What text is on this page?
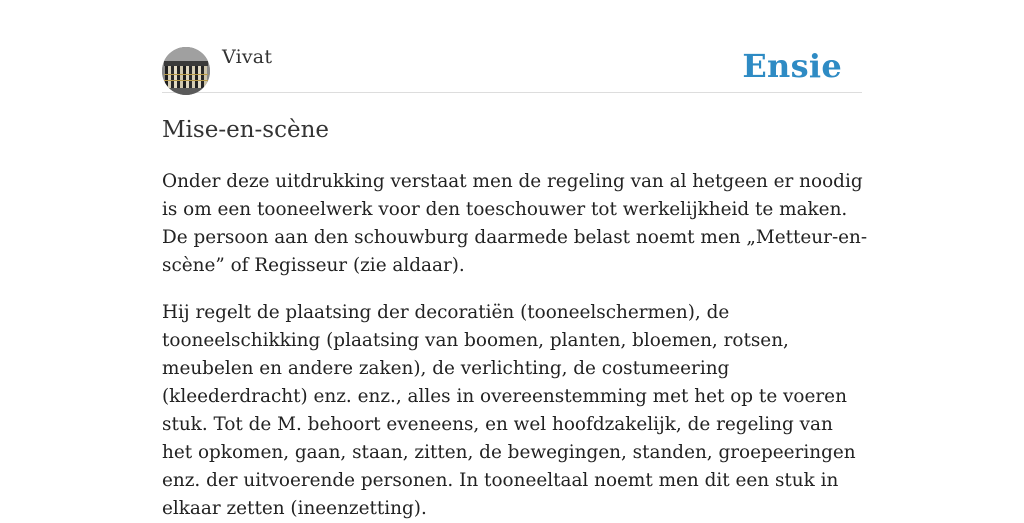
Vivat	Ensie
Mise-en-scène

Onder deze uitdrukking verstaat men de regeling van al hetgeen er noodig is om een tooneelwerk voor den toeschouwer tot werkelijkheid te maken. De persoon aan den schouwburg daarmede belast noemt men „Metteur-en-scène” of Regisseur (zie aldaar).

Hij regelt de plaatsing der decoratiën (tooneelschermen), de tooneelschikking (plaatsing van boomen, planten, bloemen, rotsen, meubelen en andere zaken), de verlichting, de costumeering (kleederdracht) enz. enz., alles in overeenstemming met het op te voeren stuk. Tot de M. behoort eveneens, en wel hoofdzakelijk, de regeling van het opkomen, gaan, staan, zitten, de bewegingen, standen, groepeeringen enz. der uitvoerende personen. In tooneeltaal noemt men dit een stuk in elkaar zetten (ineenzetting).
